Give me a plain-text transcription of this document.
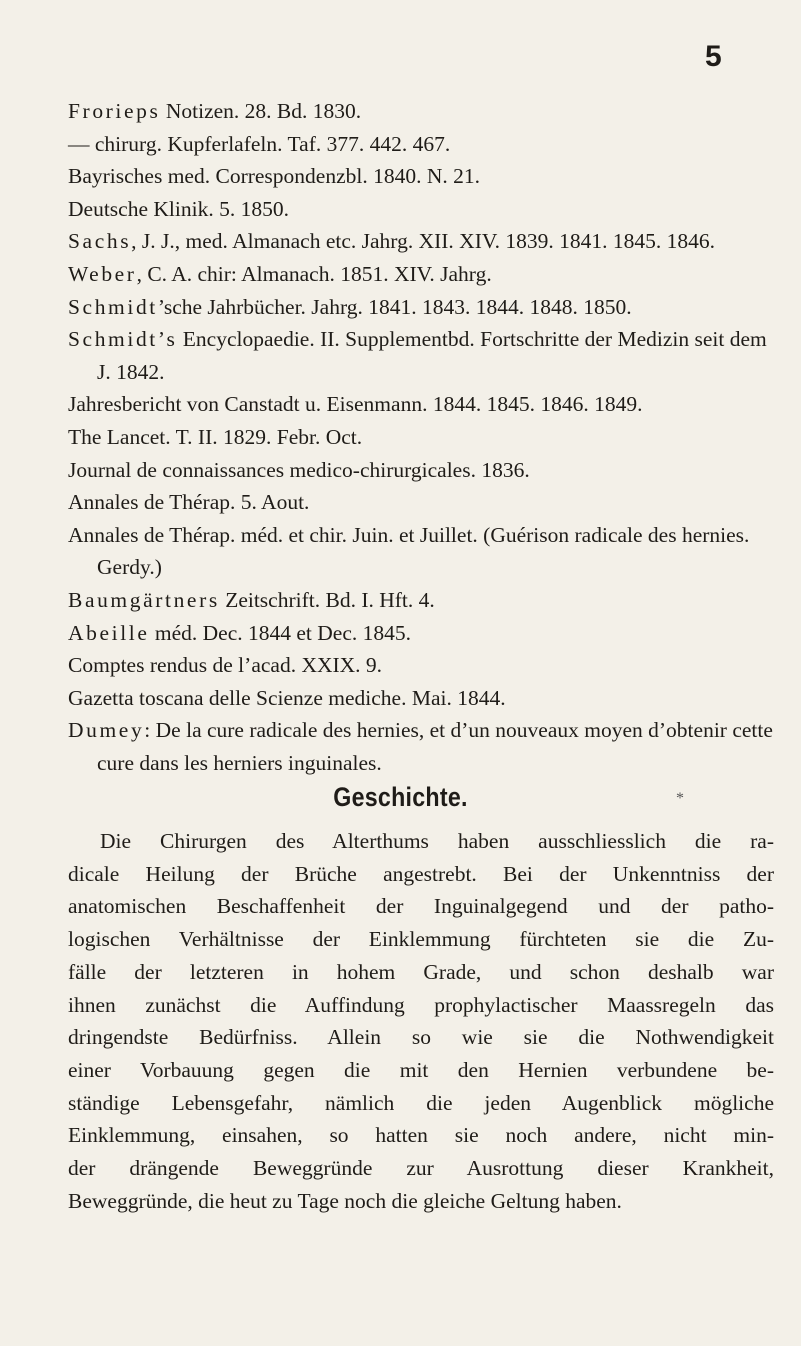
5
Frorieps Notizen. 28. Bd. 1830.
— chirurg. Kupferlafeln. Taf. 377. 442. 467.
Bayrisches med. Correspondenzbl. 1840. N. 21.
Deutsche Klinik. 5. 1850.
Sachs, J. J., med. Almanach etc. Jahrg. XII. XIV. 1839. 1841. 1845. 1846.
Weber, C. A. chir: Almanach. 1851. XIV. Jahrg.
Schmidt’sche Jahrbücher. Jahrg. 1841. 1843. 1844. 1848. 1850.
Schmidt’s Encyclopaedie. II. Supplementbd. Fortschritte der Medizin seit dem J. 1842.
Jahresbericht von Canstadt u. Eisenmann. 1844. 1845. 1846. 1849.
The Lancet. T. II. 1829. Febr. Oct.
Journal de connaissances medico-chirurgicales. 1836.
Annales de Thérap. 5. Aout.
Annales de Thérap. méd. et chir. Juin. et Juillet. (Guérison radicale des hernies. Gerdy.)
Baumgärtners Zeitschrift. Bd. I. Hft. 4.
Abeille méd. Dec. 1844 et Dec. 1845.
Comptes rendus de l’acad. XXIX. 9.
Gazetta toscana delle Scienze mediche. Mai. 1844.
Dumey: De la cure radicale des hernies, et d’un nouveaux moyen d’obtenir cette cure dans les herniers inguinales.
Geschichte.	*
Die Chirurgen des Alterthums haben ausschliesslich die ra-
dicale Heilung der Brüche angestrebt. Bei der Unkenntniss der
anatomischen Beschaffenheit der Inguinalgegend und der patho-
logischen Verhältnisse der Einklemmung fürchteten sie die Zu-
fälle der letzteren in hohem Grade, und schon deshalb war
ihnen zunächst die Auffindung prophylactischer Maassregeln das
dringendste Bedürfniss. Allein so wie sie die Nothwendigkeit
einer Vorbauung gegen die mit den Hernien verbundene be-
ständige Lebensgefahr, nämlich die jeden Augenblick mögliche
Einklemmung, einsahen, so hatten sie noch andere, nicht min-
der drängende Beweggründe zur Ausrottung dieser Krankheit,
Beweggründe, die heut zu Tage noch die gleiche Geltung haben.
